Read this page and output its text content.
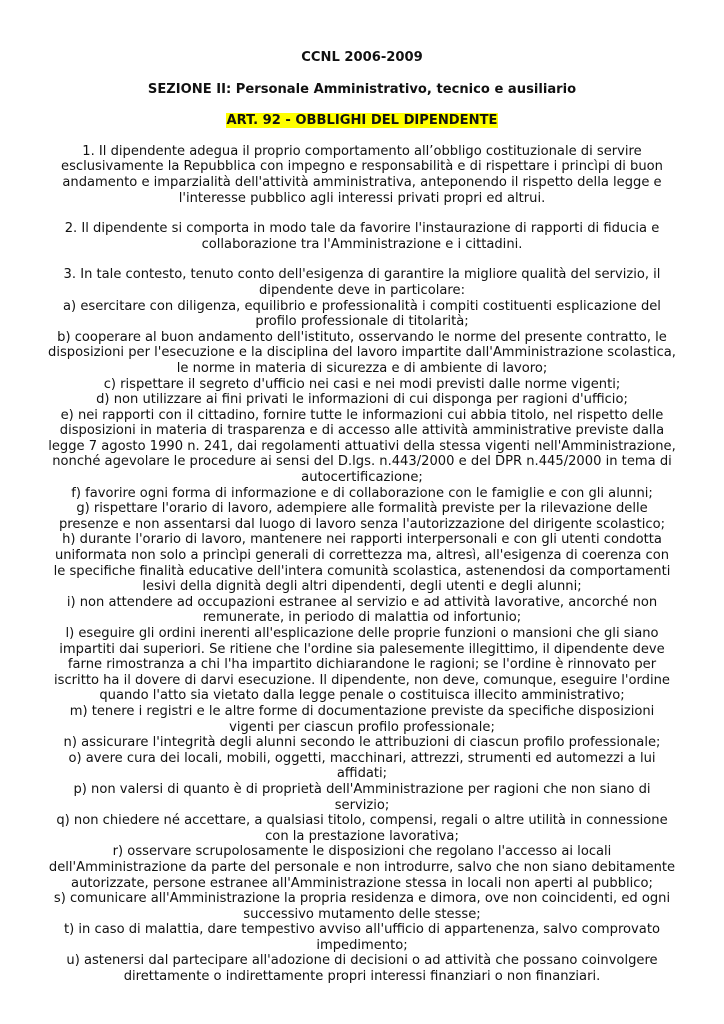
CCNL 2006-2009

SEZIONE II: Personale Amministrativo, tecnico e ausiliario

ART. 92 - OBBLIGHI DEL DIPENDENTE

1. Il dipendente adegua il proprio comportamento all’obbligo costituzionale di servire esclusivamente la Repubblica con impegno e responsabilità e di rispettare i princìpi di buon andamento e imparzialità dell'attività amministrativa, anteponendo il rispetto della legge e l'interesse pubblico agli interessi privati propri ed altrui.

2. Il dipendente si comporta in modo tale da favorire l'instaurazione di rapporti di fiducia e collaborazione tra l'Amministrazione e i cittadini.

3. In tale contesto, tenuto conto dell'esigenza di garantire la migliore qualità del servizio, il dipendente deve in particolare:

a) esercitare con diligenza, equilibrio e professionalità i compiti costituenti esplicazione del profilo professionale di titolarità;
b) cooperare al buon andamento dell'istituto, osservando le norme del presente contratto, le disposizioni per l'esecuzione e la disciplina del lavoro impartite dall'Amministrazione scolastica, le norme in materia di sicurezza e di ambiente di lavoro;
c) rispettare il segreto d'ufficio nei casi e nei modi previsti dalle norme vigenti;
d) non utilizzare ai fini privati le informazioni di cui disponga per ragioni d'ufficio;
e) nei rapporti con il cittadino, fornire tutte le informazioni cui abbia titolo, nel rispetto delle disposizioni in materia di trasparenza e di accesso alle attività amministrative previste dalla legge 7 agosto 1990 n. 241, dai regolamenti attuativi della stessa vigenti nell'Amministrazione, nonché agevolare le procedure ai sensi del D.lgs. n.443/2000 e del DPR n.445/2000 in tema di autocertificazione;
f) favorire ogni forma di informazione e di collaborazione con le famiglie e con gli alunni;
g) rispettare l'orario di lavoro, adempiere alle formalità previste per la rilevazione delle presenze e non assentarsi dal luogo di lavoro senza l'autorizzazione del dirigente scolastico;
h) durante l'orario di lavoro, mantenere nei rapporti interpersonali e con gli utenti condotta uniformata non solo a princìpi generali di correttezza ma, altresì, all'esigenza di coerenza con le specifiche finalità educative dell'intera comunità scolastica, astenendosi da comportamenti lesivi della dignità degli altri dipendenti, degli utenti e degli alunni;
i) non attendere ad occupazioni estranee al servizio e ad attività lavorative, ancorché non remunerate, in periodo di malattia od infortunio;
l) eseguire gli ordini inerenti all'esplicazione delle proprie funzioni o mansioni che gli siano impartiti dai superiori. Se ritiene che l'ordine sia palesemente illegittimo, il dipendente deve farne rimostranza a chi l'ha impartito dichiarandone le ragioni; se l'ordine è rinnovato per iscritto ha il dovere di darvi esecuzione. Il dipendente, non deve, comunque, eseguire l'ordine quando l'atto sia vietato dalla legge penale o costituisca illecito amministrativo;
m) tenere i registri e le altre forme di documentazione previste da specifiche disposizioni vigenti per ciascun profilo professionale;
n) assicurare l'integrità degli alunni secondo le attribuzioni di ciascun profilo professionale;
o) avere cura dei locali, mobili, oggetti, macchinari, attrezzi, strumenti ed automezzi a lui affidati;
p) non valersi di quanto è di proprietà dell'Amministrazione per ragioni che non siano di servizio;
q) non chiedere né accettare, a qualsiasi titolo, compensi, regali o altre utilità in connessione con la prestazione lavorativa;
r) osservare scrupolosamente le disposizioni che regolano l'accesso ai locali dell'Amministrazione da parte del personale e non introdurre, salvo che non siano debitamente autorizzate, persone estranee all'Amministrazione stessa in locali non aperti al pubblico;
s) comunicare all'Amministrazione la propria residenza e dimora, ove non coincidenti, ed ogni successivo mutamento delle stesse;
t) in caso di malattia, dare tempestivo avviso all'ufficio di appartenenza, salvo comprovato impedimento;
u) astenersi dal partecipare all'adozione di decisioni o ad attività che possano coinvolgere direttamente o indirettamente propri interessi finanziari o non finanziari.
